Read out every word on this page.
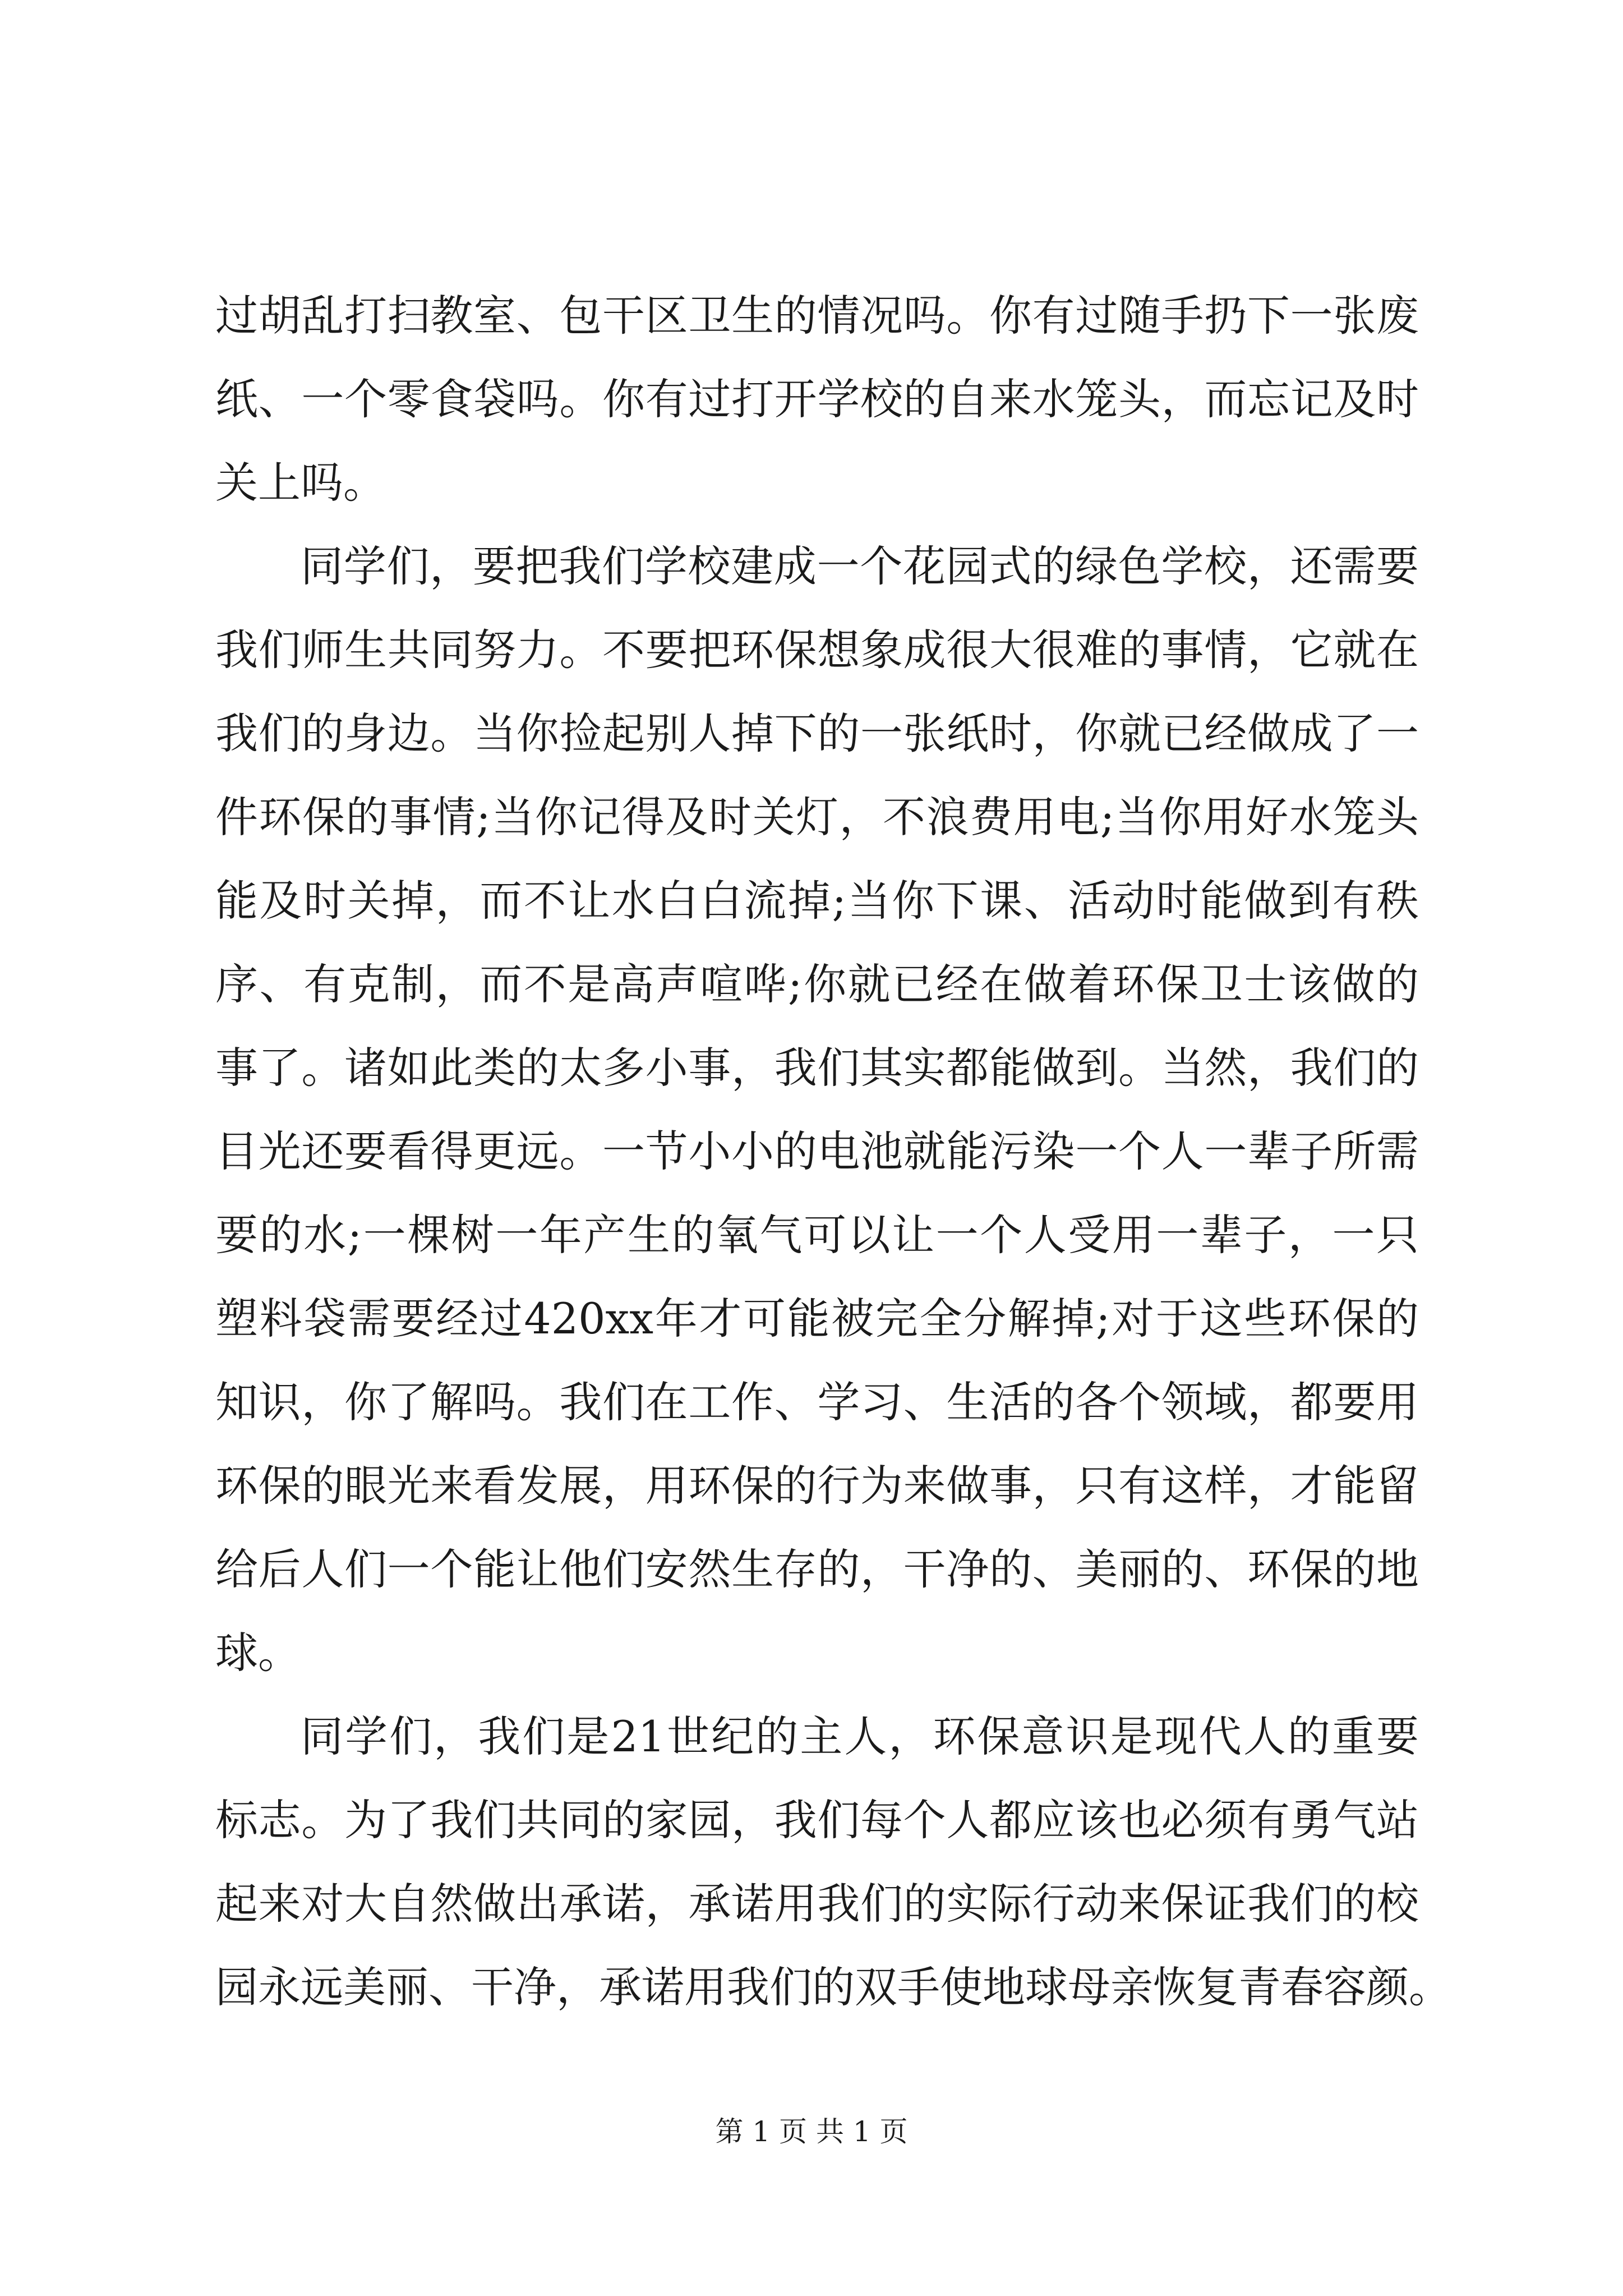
过胡乱打扫教室、包干区卫生的情况吗。你有过随手扔下一张废
纸、一个零食袋吗。你有过打开学校的自来水笼头，而忘记及时
关上吗。
同学们，要把我们学校建成一个花园式的绿色学校，还需要
我们师生共同努力。不要把环保想象成很大很难的事情，它就在
我们的身边。当你捡起别人掉下的一张纸时，你就已经做成了一
件环保的事情;当你记得及时关灯，不浪费用电;当你用好水笼头
能及时关掉，而不让水白白流掉;当你下课、活动时能做到有秩
序、有克制，而不是高声喧哗;你就已经在做着环保卫士该做的
事了。诸如此类的太多小事，我们其实都能做到。当然，我们的
目光还要看得更远。一节小小的电池就能污染一个人一辈子所需
要的水;一棵树一年产生的氧气可以让一个人受用一辈子，一只
塑料袋需要经过420xx年才可能被完全分解掉;对于这些环保的
知识，你了解吗。我们在工作、学习、生活的各个领域，都要用
环保的眼光来看发展，用环保的行为来做事，只有这样，才能留
给后人们一个能让他们安然生存的，干净的、美丽的、环保的地
球。
同学们，我们是21世纪的主人，环保意识是现代人的重要
标志。为了我们共同的家园，我们每个人都应该也必须有勇气站
起来对大自然做出承诺，承诺用我们的实际行动来保证我们的校
园永远美丽、干净，承诺用我们的双手使地球母亲恢复青春容颜。
第 1 页 共 1 页
